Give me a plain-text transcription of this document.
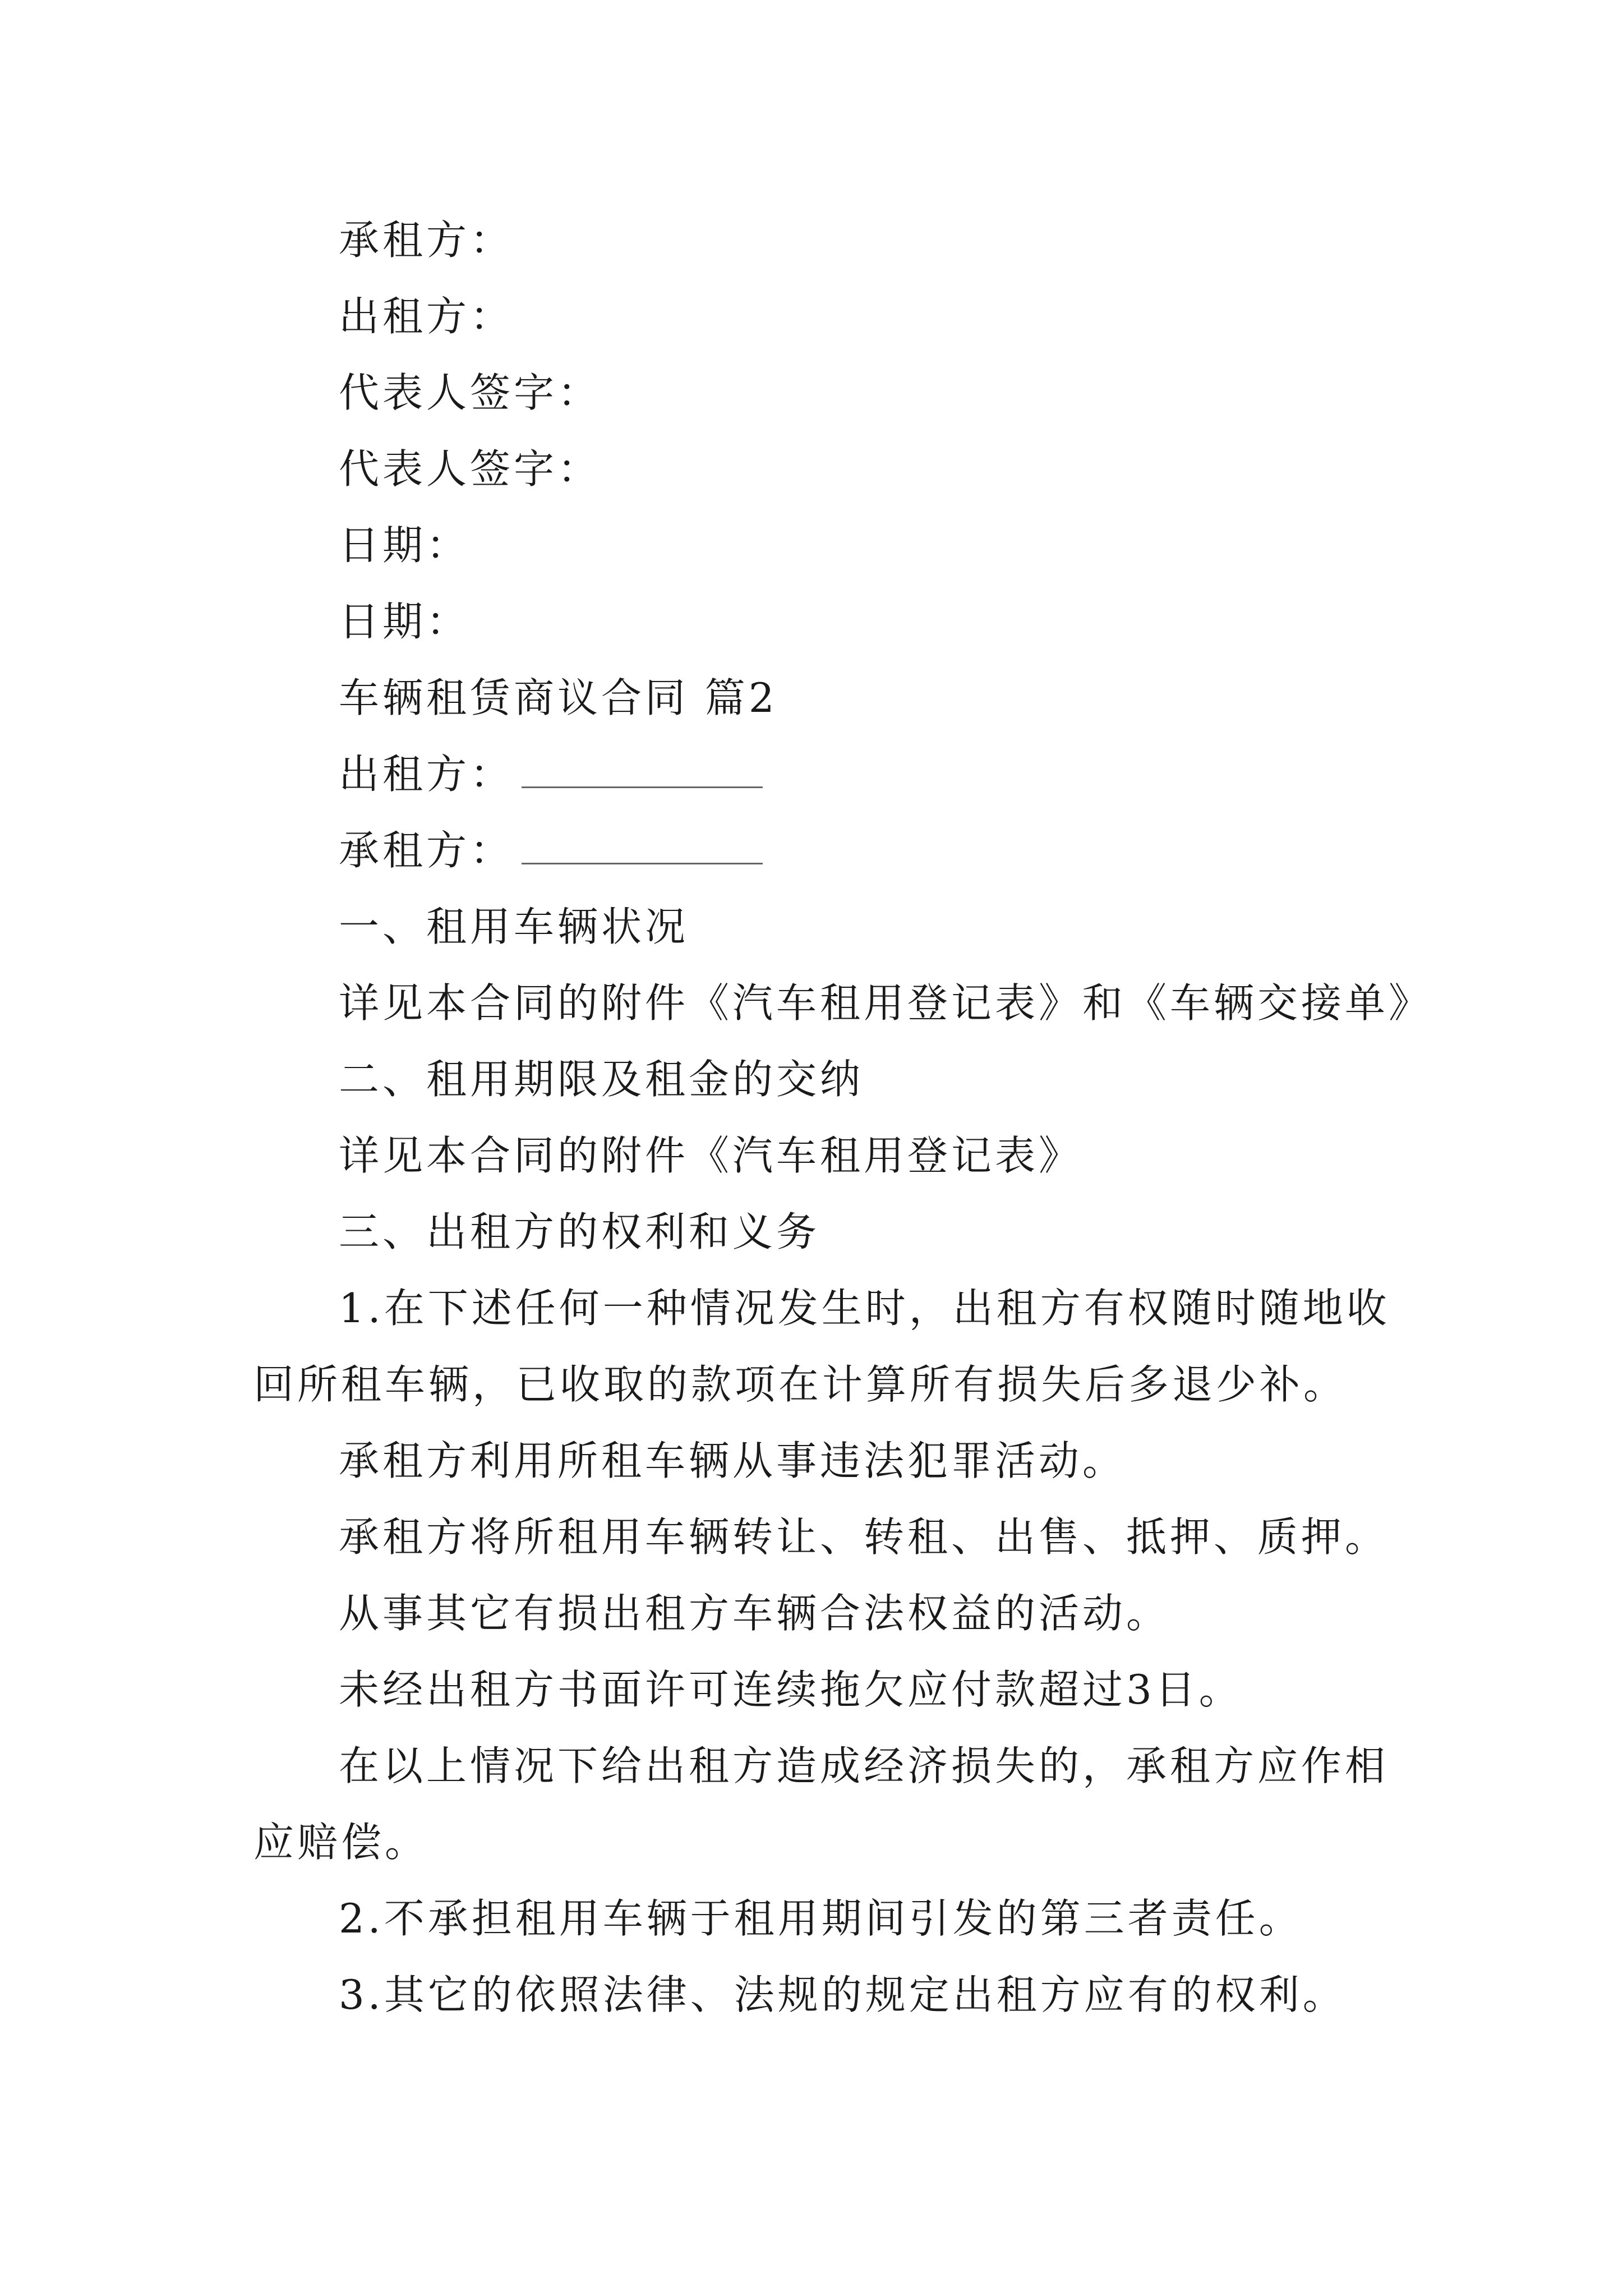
承租方：
出租方：
代表人签字：
代表人签字：
日期：
日期：
车辆租赁商议合同 篇2
出租方：
承租方：
一、租用车辆状况
详见本合同的附件《汽车租用登记表》和《车辆交接单》
二、租用期限及租金的交纳
详见本合同的附件《汽车租用登记表》
三、出租方的权利和义务
1.在下述任何一种情况发生时，出租方有权随时随地收
回所租车辆，已收取的款项在计算所有损失后多退少补。
承租方利用所租车辆从事违法犯罪活动。
承租方将所租用车辆转让、转租、出售、抵押、质押。
从事其它有损出租方车辆合法权益的活动。
未经出租方书面许可连续拖欠应付款超过3日。
在以上情况下给出租方造成经济损失的，承租方应作相
应赔偿。
2.不承担租用车辆于租用期间引发的第三者责任。
3.其它的依照法律、法规的规定出租方应有的权利。
